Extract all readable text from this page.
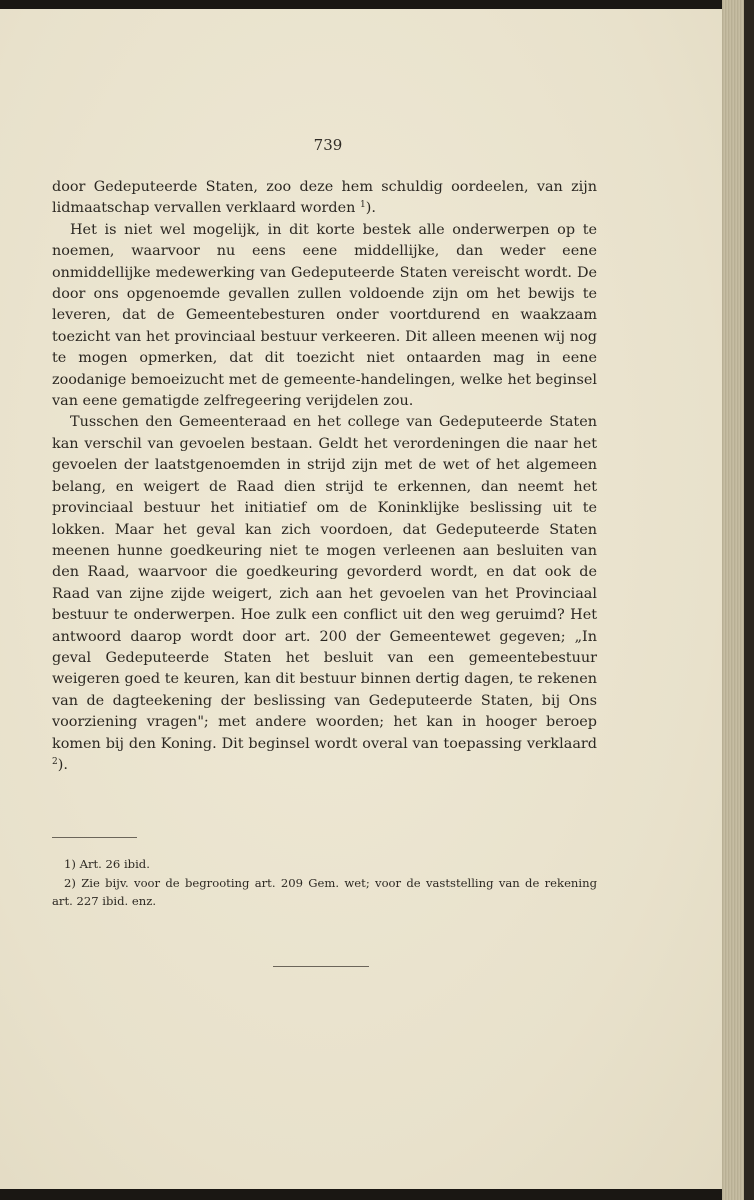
739

door Gedeputeerde Staten, zoo deze hem schuldig oordeelen, van zijn lidmaatschap vervallen verklaard worden $^1$).

Het is niet wel mogelijk, in dit korte bestek alle onderwerpen op te noemen, waarvoor nu eens eene middellijke, dan weder eene onmiddellijke medewerking van Gedeputeerde Staten vereischt wordt. De door ons opgenoemde gevallen zullen voldoende zijn om het bewijs te leveren, dat de Gemeentebesturen onder voortdurend en waakzaam toezicht van het provinciaal bestuur verkeeren. Dit alleen meenen wij nog te mogen opmerken, dat dit toezicht niet ontaarden mag in eene zoodanige bemoeizucht met de gemeente-handelingen, welke het beginsel van eene gematigde zelfregeering verijdelen zou.

Tusschen den Gemeenteraad en het college van Gedeputeerde Staten kan verschil van gevoelen bestaan. Geldt het verordeningen die naar het gevoelen der laatstgenoemden in strijd zijn met de wet of het algemeen belang, en weigert de Raad dien strijd te erkennen, dan neemt het provinciaal bestuur het initiatief om de Koninklijke beslissing uit te lokken. Maar het geval kan zich voordoen, dat Gedeputeerde Staten meenen hunne goedkeuring niet te mogen verleenen aan besluiten van den Raad, waarvoor die goedkeuring gevorderd wordt, en dat ook de Raad van zijne zijde weigert, zich aan het gevoelen van het Provinciaal bestuur te onderwerpen. Hoe zulk een conflict uit den weg geruimd? Het antwoord daarop wordt door art. 200 der Gemeentewet gegeven; „In geval Gedeputeerde Staten het besluit van een gemeentebestuur weigeren goed te keuren, kan dit bestuur binnen dertig dagen, te rekenen van de dagteekening der beslissing van Gedeputeerde Staten, bij Ons voorziening vragen"; met andere woorden; het kan in hooger beroep komen bij den Koning. Dit beginsel wordt overal van toepassing verklaard $^2$).

1) Art. 26 ibid.

2) Zie bijv. voor de begrooting art. 209 Gem. wet; voor de vaststelling van de rekening art. 227 ibid. enz.
